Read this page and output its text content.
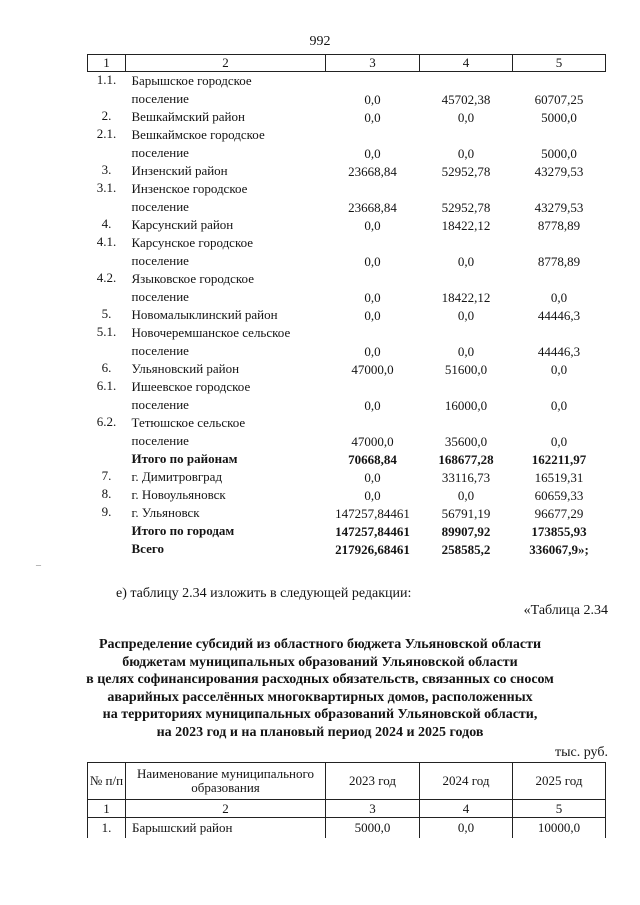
992
1	2	3	4	5
1.1.	Барышское городское
поселение	0,0	45702,38	60707,25
2.	Вешкаймский район	0,0	0,0	5000,0
2.1.	Вешкаймское городское
поселение	0,0	0,0	5000,0
3.	Инзенский район	23668,84	52952,78	43279,53
3.1.	Инзенское городское
поселение	23668,84	52952,78	43279,53
4.	Карсунский район	0,0	18422,12	8778,89
4.1.	Карсунское городское
поселение	0,0	0,0	8778,89
4.2.	Языковское городское
поселение	0,0	18422,12	0,0
5.	Новомалыклинский район	0,0	0,0	44446,3
5.1.	Новочеремшанское сельское
поселение	0,0	0,0	44446,3
6.	Ульяновский район	47000,0	51600,0	0,0
6.1.	Ишеевское городское
поселение	0,0	16000,0	0,0
6.2.	Тетюшское сельское
поселение	47000,0	35600,0	0,0

	Итого по районам	70668,84	168677,28	162211,97
7.	г. Димитровград	0,0	33116,73	16519,31
8.	г. Новоульяновск	0,0	0,0	60659,33
9.	г. Ульяновск	147257,84461	56791,19	96677,29

	Итого по городам	147257,84461	89907,92	173855,93

	Всего	217926,68461	258585,2	336067,9»;
е) таблицу 2.34 изложить в следующей редакции:
«Таблица 2.34
Распределение субсидий из областного бюджета Ульяновской области
бюджетам муниципальных образований Ульяновской области
в целях софинансирования расходных обязательств, связанных со сносом
аварийных расселённых многоквартирных домов, расположенных
на территориях муниципальных образований Ульяновской области,
на 2023 год и на плановый период 2024 и 2025 годов
тыс. руб.
№ п/п	Наименование муниципального образования	2023 год	2024 год	2025 год
1	2	3	4	5
1.	Барышский район	5000,0	0,0	10000,0
–
